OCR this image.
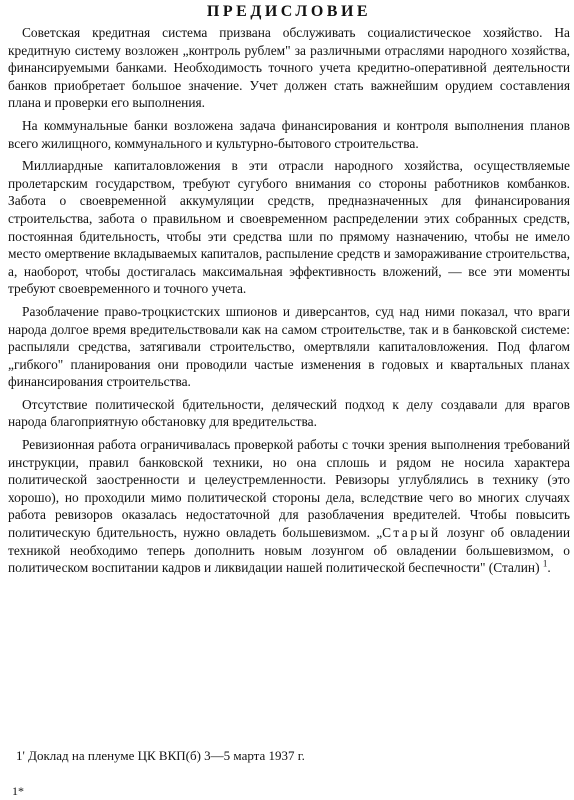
ПРЕДИСЛОВИЕ

Советская кредитная система призвана обслуживать социалистическое хозяйство. На кредитную систему возложен „контроль рублем" за различными отраслями народного хозяйства, финансируемыми банками. Необходимость точного учета кредитно-оперативной деятельности банков приобретает большое значение. Учет должен стать важнейшим орудием составления плана и проверки его выполнения.

На коммунальные банки возложена задача финансирования и контроля выполнения планов всего жилищного, коммунального и культурно-бытового строительства.

Миллиардные капиталовложения в эти отрасли народного хозяйства, осуществляемые пролетарским государством, требуют сугубого внимания со стороны работников комбанков. Забота о своевременной аккумуляции средств, предназначенных для финансирования строительства, забота о правильном и своевременном распределении этих собранных средств, постоянная бдительность, чтобы эти средства шли по прямому назначению, чтобы не имело место омертвение вкладываемых капиталов, распыление средств и замораживание строительства, а, наоборот, чтобы достигалась максимальная эффективность вложений, — все эти моменты требуют своевременного и точного учета.

Разоблачение право-троцкистских шпионов и диверсантов, суд над ними показал, что враги народа долгое время вредительствовали как на самом строительстве, так и в банковской системе: распыляли средства, затягивали строительство, омертвляли капиталовложения. Под флагом „гибкого" планирования они проводили частые изменения в годовых и квартальных планах финансирования строительства.

Отсутствие политической бдительности, делячеcкий подход к делу создавали для врагов народа благоприятную обстановку для вредительства.

Ревизионная работа ограничивалась проверкой работы с точки зрения выполнения требований инструкции, правил банковской техники, но она сплошь и рядом не носила характера политической заостренности и целеустремленности. Ревизоры углублялись в технику (это хорошо), но проходили мимо политической стороны дела, вследствие чего во многих случаях работа ревизоров оказалась недостаточной для разоблачения вредителей. Чтобы повысить политическую бдительность, нужно овладеть большевизмом. „Старый лозунг об овладении техникой необходимо теперь дополнить новым лозунгом об овладении большевизмом, о политическом воспитании кадров и ликвидации нашей политической беспечности" (Сталин) $^1$.

1' Доклад на пленуме ЦК ВКП(б) 3—5 марта 1937 г.
1*
